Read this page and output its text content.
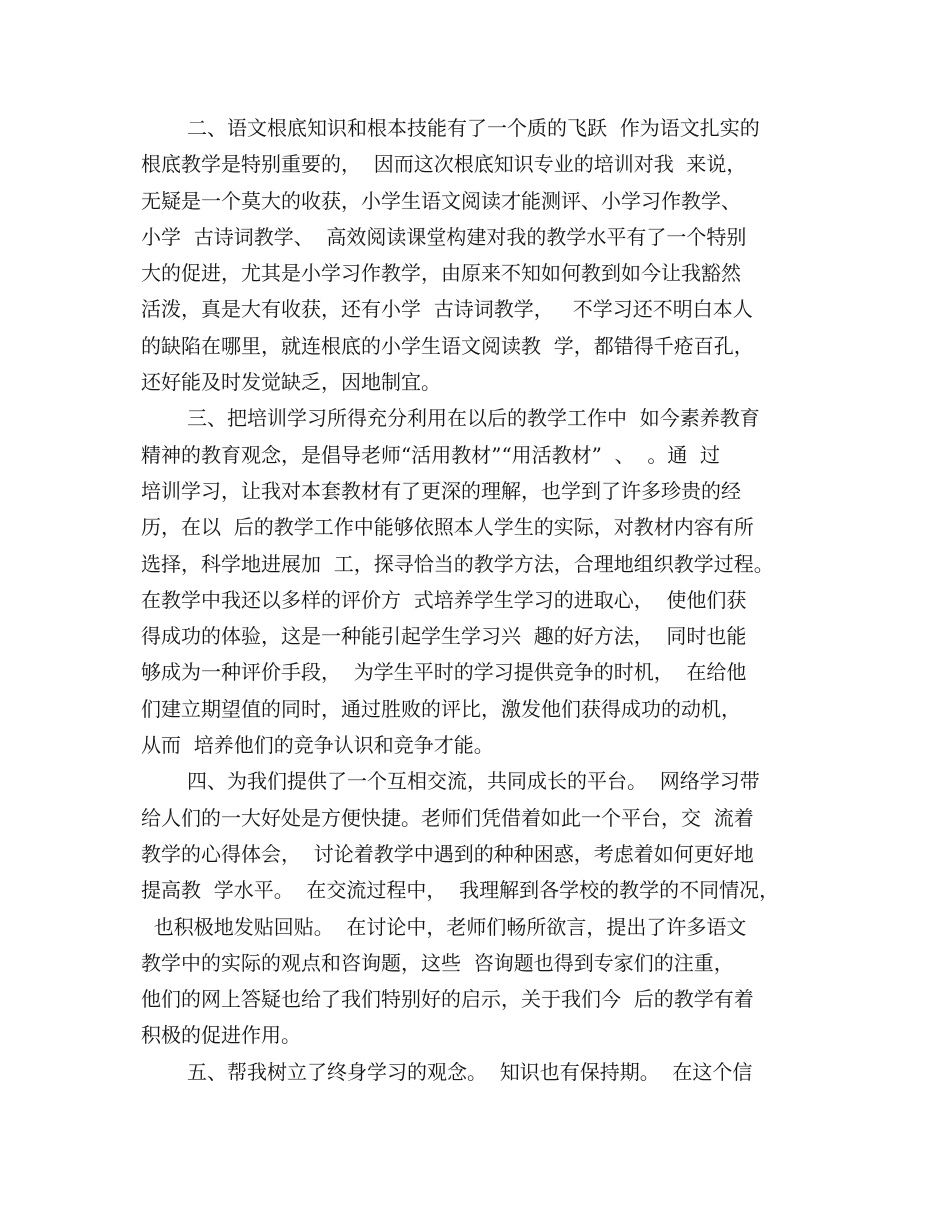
二、语文根底知识和根本技能有了一个质的飞跃  作为语文扎实的
根底教学是特别重要的，  因而这次根底知识专业的培训对我  来说，
无疑是一个莫大的收获，小学生语文阅读才能测评、小学习作教学、
小学  古诗词教学、  高效阅读课堂构建对我的教学水平有了一个特别
大的促进，尤其是小学习作教学，由原来不知如何教到如今让我豁然
活泼，真是大有收获，还有小学  古诗词教学，   不学习还不明白本人
的缺陷在哪里，就连根底的小学生语文阅读教  学，都错得千疮百孔，
还好能及时发觉缺乏，因地制宜。
三、把培训学习所得充分利用在以后的教学工作中  如今素养教育
精神的教育观念，是倡导老师“活用教材”“用活教材”  、  。通  过
培训学习，让我对本套教材有了更深的理解，也学到了许多珍贵的经
历，在以  后的教学工作中能够依照本人学生的实际，对教材内容有所
选择，科学地进展加  工，探寻恰当的教学方法，合理地组织教学过程。
在教学中我还以多样的评价方  式培养学生学习的进取心，  使他们获
得成功的体验，这是一种能引起学生学习兴  趣的好方法，  同时也能
够成为一种评价手段，  为学生平时的学习提供竞争的时机，  在给他
们建立期望值的同时，通过胜败的评比，激发他们获得成功的动机，
从而  培养他们的竞争认识和竞争才能。
四、为我们提供了一个互相交流，共同成长的平台。  网络学习带
给人们的一大好处是方便快捷。老师们凭借着如此一个平台，交  流着
教学的心得体会，  讨论着教学中遇到的种种困惑，考虑着如何更好地
提高教  学水平。  在交流过程中，  我理解到各学校的教学的不同情况，
也积极地发贴回贴。  在讨论中，老师们畅所欲言，提出了许多语文
教学中的实际的观点和咨询题，这些  咨询题也得到专家们的注重，
他们的网上答疑也给了我们特别好的启示，关于我们今  后的教学有着
积极的促进作用。
五、帮我树立了终身学习的观念。  知识也有保持期。  在这个信
